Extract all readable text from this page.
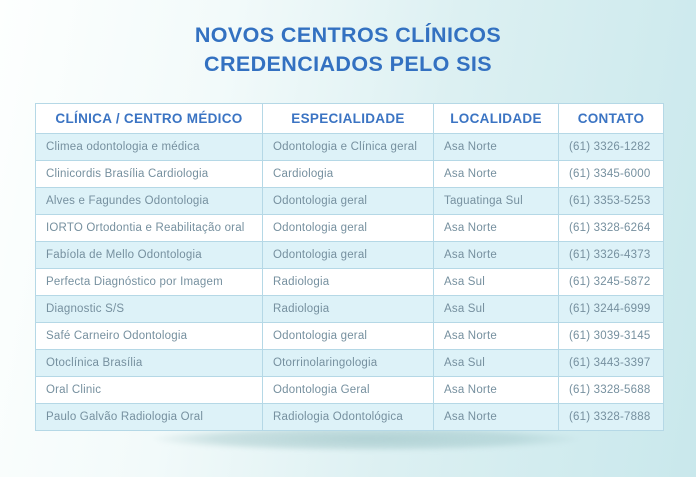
NOVOS CENTROS CLÍNICOS
CREDENCIADOS PELO SIS
CLÍNICA / CENTRO MÉDICO	ESPECIALIDADE	LOCALIDADE	CONTATO
Climea odontologia e médica	Odontologia e Clínica geral	Asa Norte	(61) 3326-1282
Clinicordis Brasília Cardiologia	Cardiologia	Asa Norte	(61) 3345-6000
Alves e Fagundes Odontologia	Odontologia geral	Taguatinga Sul	(61) 3353-5253
IORTO Ortodontia e Reabilitação oral	Odontologia geral	Asa Norte	(61) 3328-6264
Fabíola de Mello Odontologia	Odontologia geral	Asa Norte	(61) 3326-4373
Perfecta Diagnóstico por Imagem	Radiologia	Asa Sul	(61) 3245-5872
Diagnostic S/S	Radiologia	Asa Sul	(61) 3244-6999
Safé Carneiro Odontologia	Odontologia geral	Asa Norte	(61) 3039-3145
Otoclínica Brasília	Otorrinolaringologia	Asa Sul	(61) 3443-3397
Oral Clinic	Odontologia Geral	Asa Norte	(61) 3328-5688
Paulo Galvão Radiologia Oral	Radiologia Odontológica	Asa Norte	(61) 3328-7888
